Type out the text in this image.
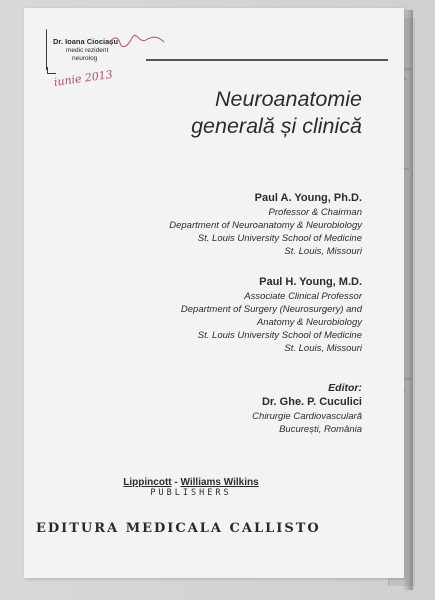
Dr. Ioana Ciociașu
medic rezident
neurolog
iunie 2013
Neuroanatomie
generală și clinică
Paul A. Young, Ph.D.
Professor & Chairman
Department of Neuroanatomy & Neurobiology
St. Louis University School of Medicine
St. Louis, Missouri
Paul H. Young, M.D.
Associate Clinical Professor
Department of Surgery (Neurosurgery) and
Anatomy & Neurobiology
St. Louis University School of Medicine
St. Louis, Missouri
Editor:
Dr. Ghe. P. Cuculici
Chirurgie Cardiovasculară
București, România
Lippincott - Williams Wilkins
PUBLISHERS
EDITURA MEDICALA CALLISTO
